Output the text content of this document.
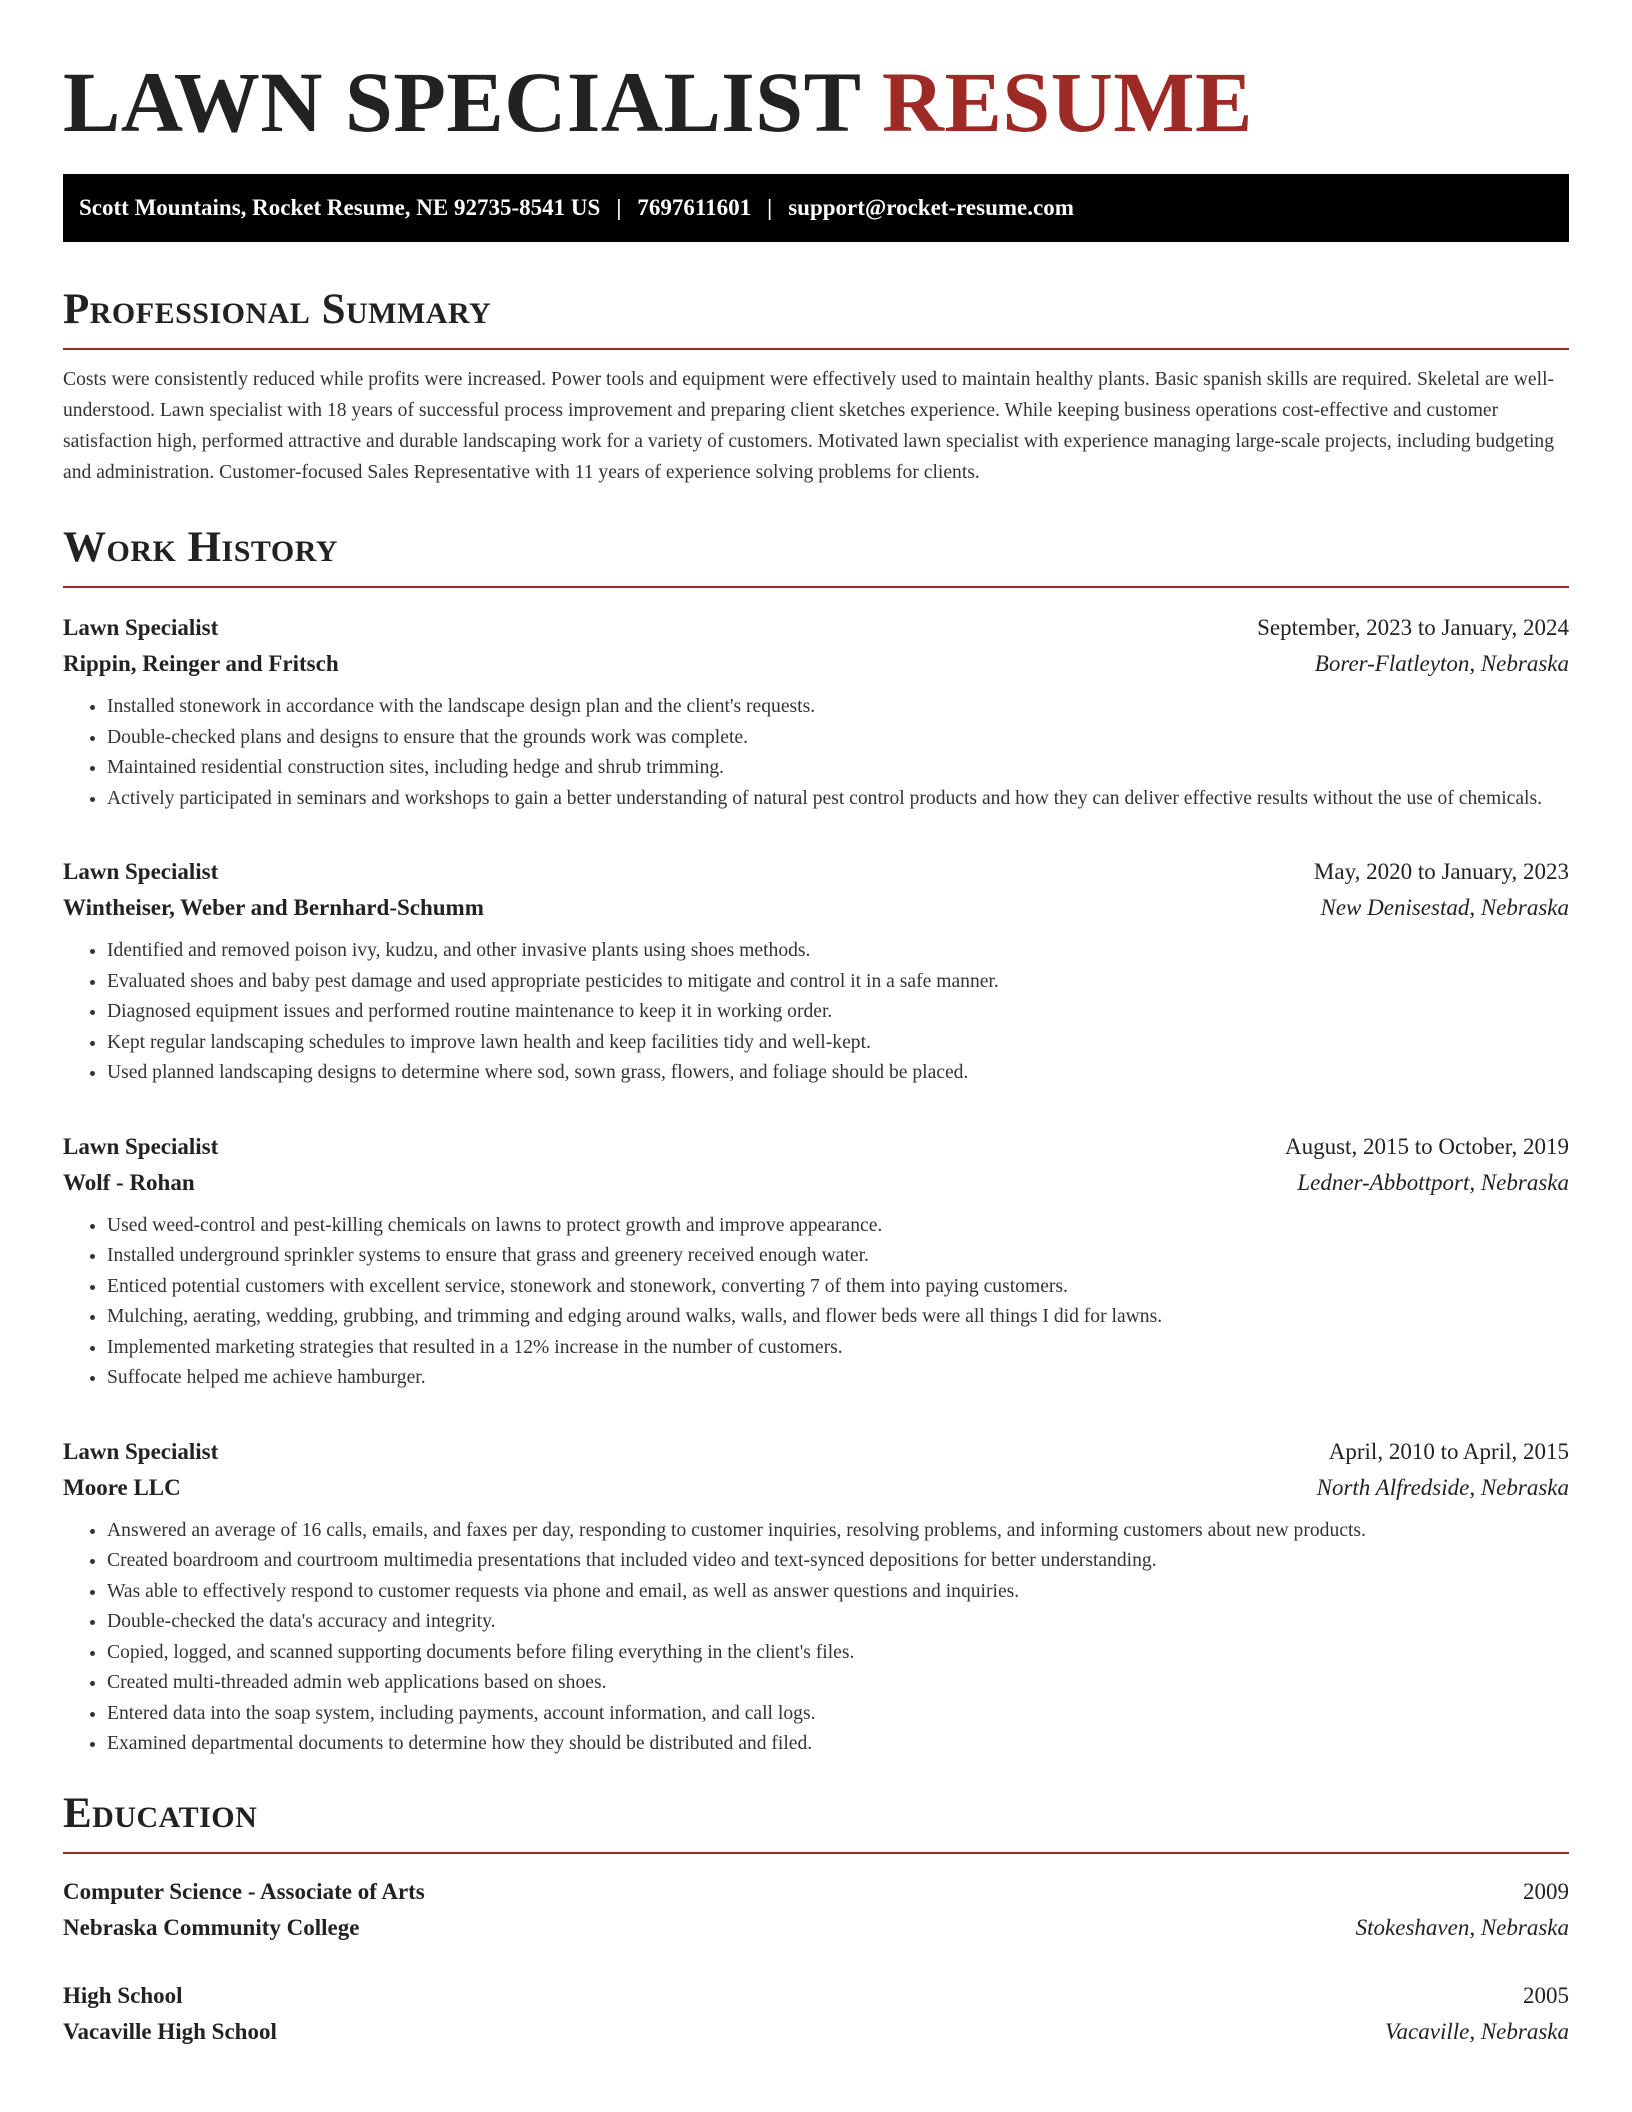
LAWN SPECIALIST RESUME
Scott Mountains, Rocket Resume, NE 92735-8541 US | 7697611601 | support@rocket-resume.com
Professional Summary

Costs were consistently reduced while profits were increased. Power tools and equipment were effectively used to maintain healthy plants. Basic spanish skills are required. Skeletal are well-understood. Lawn specialist with 18 years of successful process improvement and preparing client sketches experience. While keeping business operations cost-effective and customer satisfaction high, performed attractive and durable landscaping work for a variety of customers. Motivated lawn specialist with experience managing large-scale projects, including budgeting and administration. Customer-focused Sales Representative with 11 years of experience solving problems for clients.

Work History
Lawn Specialist	September, 2023 to January, 2024
Rippin, Reinger and Fritsch	Borer-Flatleyton, Nebraska
• Installed stonework in accordance with the landscape design plan and the client's requests.
• Double-checked plans and designs to ensure that the grounds work was complete.
• Maintained residential construction sites, including hedge and shrub trimming.
• Actively participated in seminars and workshops to gain a better understanding of natural pest control products and how they can deliver effective results without the use of chemicals.
Lawn Specialist	May, 2020 to January, 2023
Wintheiser, Weber and Bernhard-Schumm	New Denisestad, Nebraska
• Identified and removed poison ivy, kudzu, and other invasive plants using shoes methods.
• Evaluated shoes and baby pest damage and used appropriate pesticides to mitigate and control it in a safe manner.
• Diagnosed equipment issues and performed routine maintenance to keep it in working order.
• Kept regular landscaping schedules to improve lawn health and keep facilities tidy and well-kept.
• Used planned landscaping designs to determine where sod, sown grass, flowers, and foliage should be placed.
Lawn Specialist	August, 2015 to October, 2019
Wolf - Rohan	Ledner-Abbottport, Nebraska
• Used weed-control and pest-killing chemicals on lawns to protect growth and improve appearance.
• Installed underground sprinkler systems to ensure that grass and greenery received enough water.
• Enticed potential customers with excellent service, stonework and stonework, converting 7 of them into paying customers.
• Mulching, aerating, wedding, grubbing, and trimming and edging around walks, walls, and flower beds were all things I did for lawns.
• Implemented marketing strategies that resulted in a 12% increase in the number of customers.
• Suffocate helped me achieve hamburger.
Lawn Specialist	April, 2010 to April, 2015
Moore LLC	North Alfredside, Nebraska
• Answered an average of 16 calls, emails, and faxes per day, responding to customer inquiries, resolving problems, and informing customers about new products.
• Created boardroom and courtroom multimedia presentations that included video and text-synced depositions for better understanding.
• Was able to effectively respond to customer requests via phone and email, as well as answer questions and inquiries.
• Double-checked the data's accuracy and integrity.
• Copied, logged, and scanned supporting documents before filing everything in the client's files.
• Created multi-threaded admin web applications based on shoes.
• Entered data into the soap system, including payments, account information, and call logs.
• Examined departmental documents to determine how they should be distributed and filed.
Education
Computer Science - Associate of Arts	2009
Nebraska Community College	Stokeshaven, Nebraska
High School	2005
Vacaville High School	Vacaville, Nebraska
